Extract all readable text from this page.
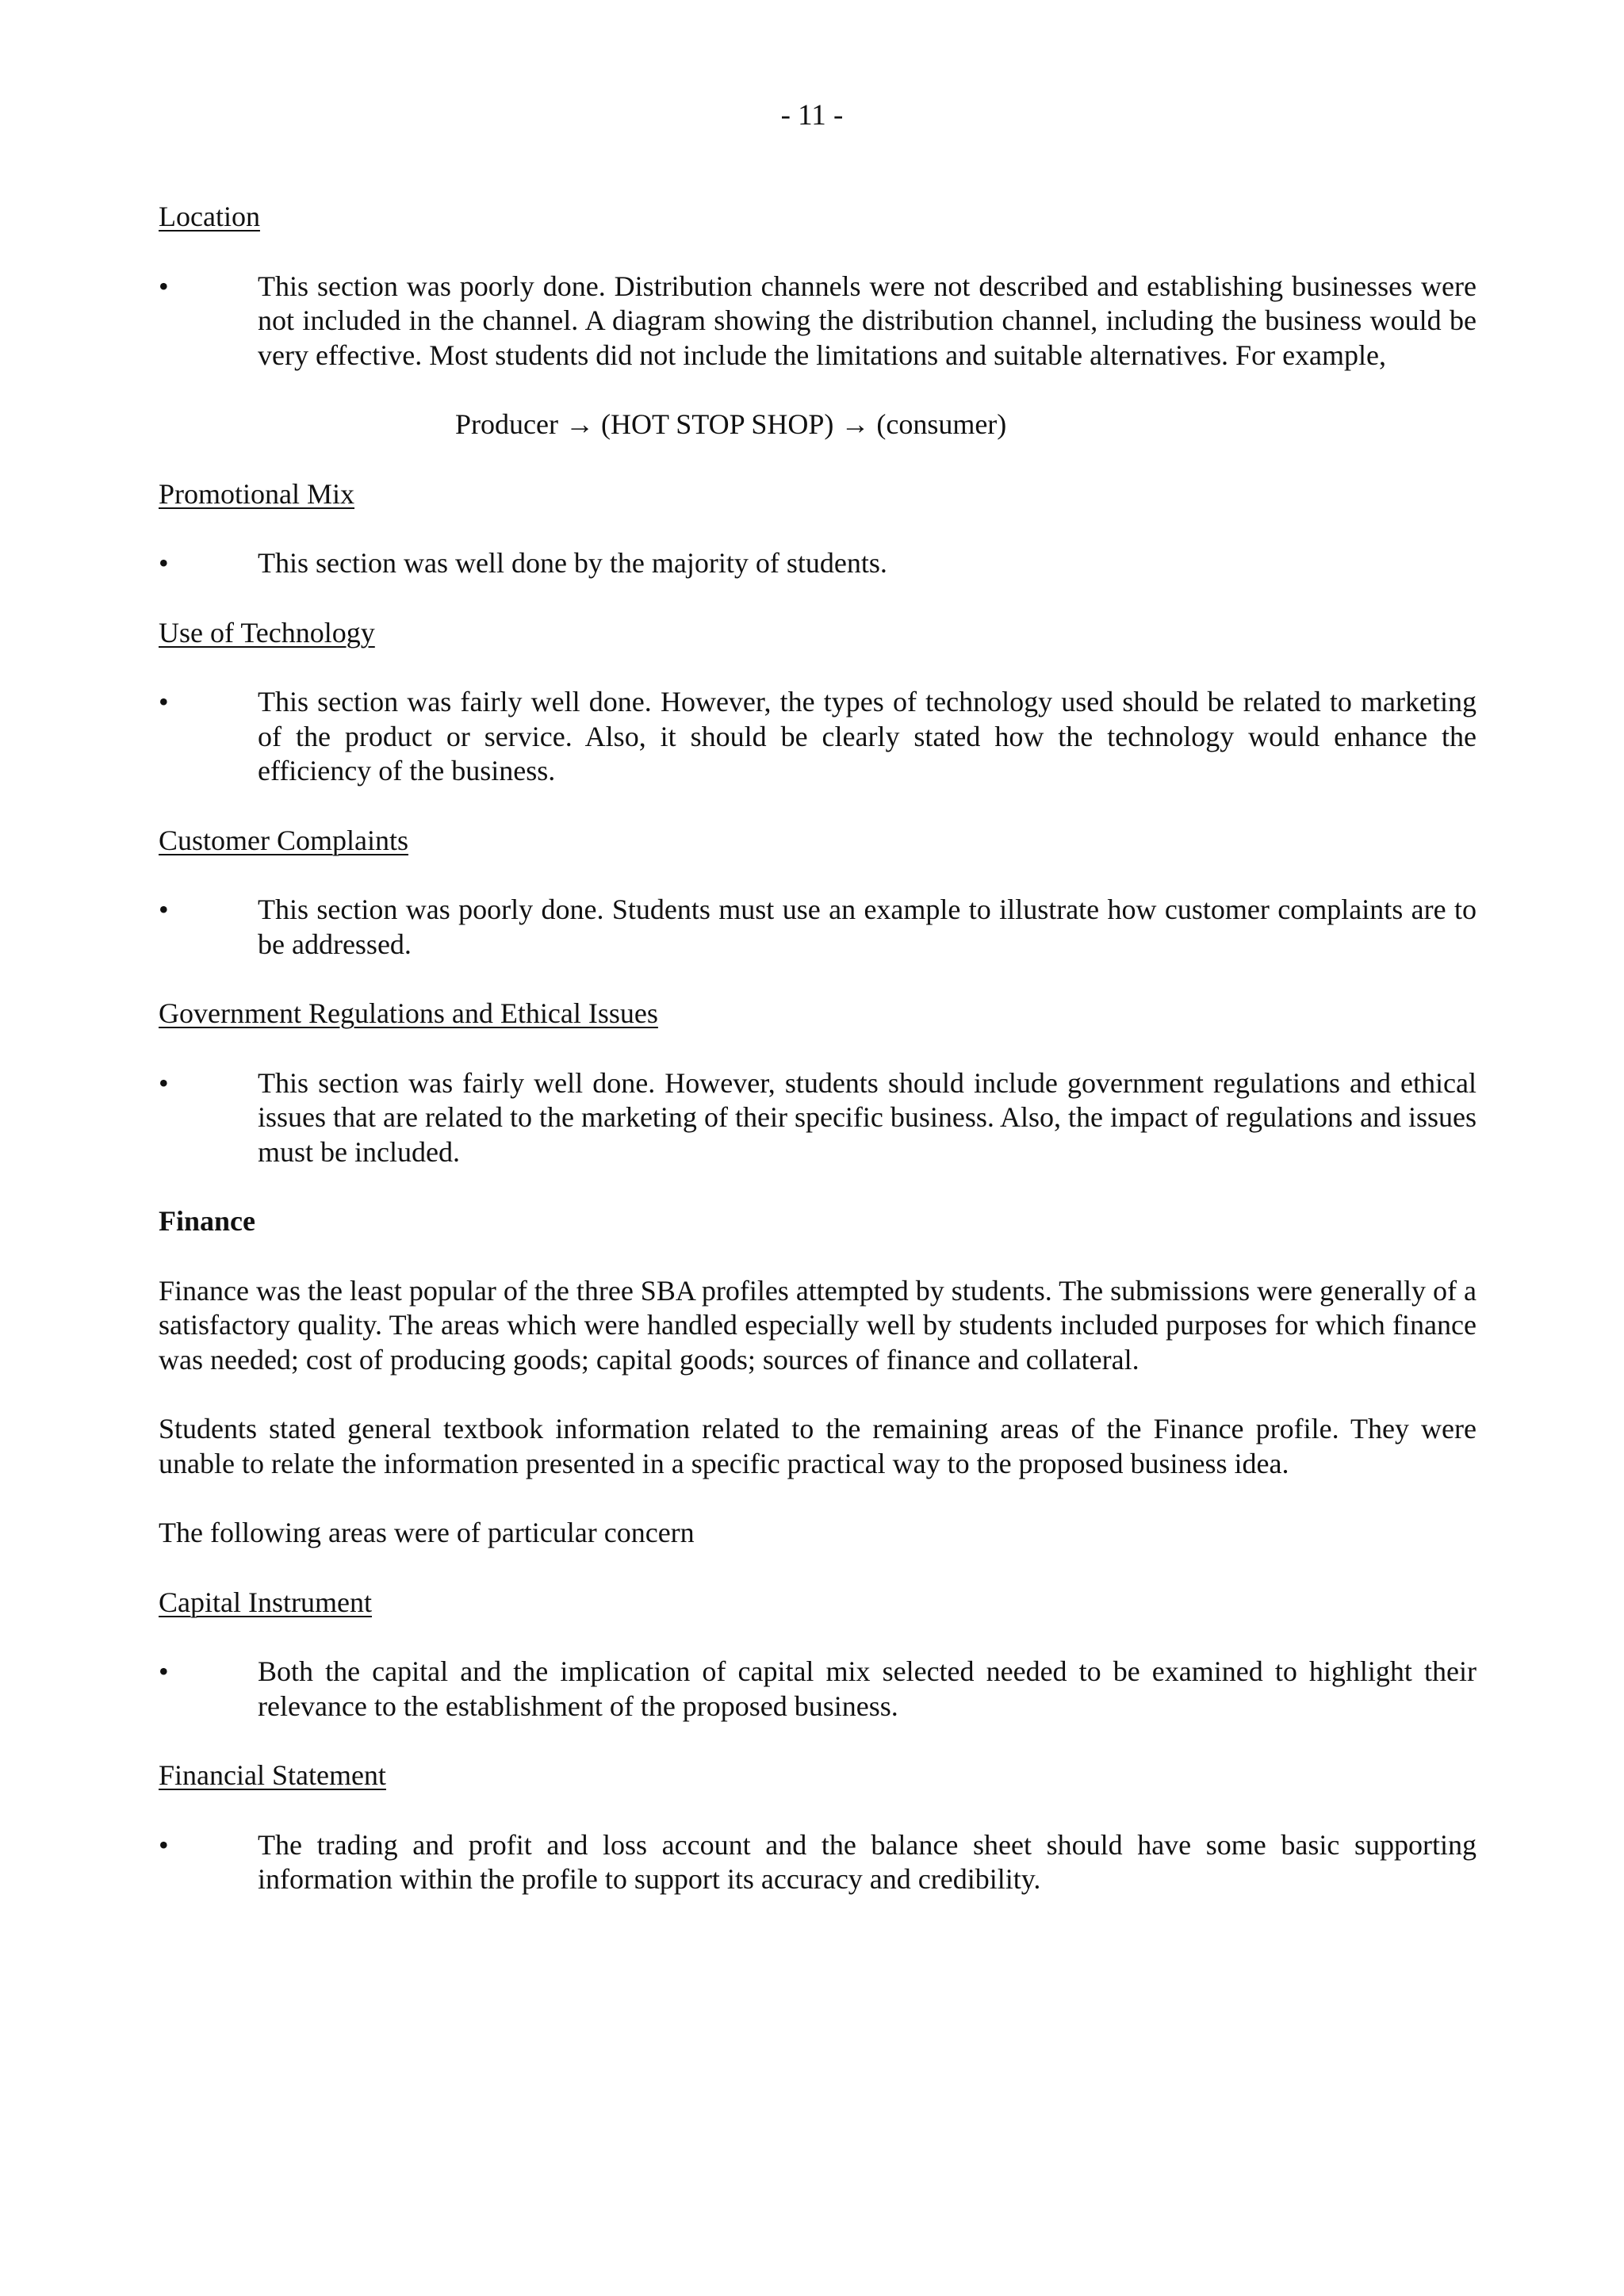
- 11 -
Location
•	This section was poorly done. Distribution channels were not described and establishing businesses were not included in the channel. A diagram showing the distribution channel, including the business would be very effective. Most students did not include the limitations and suitable alternatives. For example,
Producer → (HOT STOP SHOP) → (consumer)
Promotional Mix
•	This section was well done by the majority of students.
Use of Technology
•	This section was fairly well done. However, the types of technology used should be related to marketing of the product or service. Also, it should be clearly stated how the technology would enhance the efficiency of the business.
Customer Complaints
•	This section was poorly done. Students must use an example to illustrate how customer complaints are to be addressed.
Government Regulations and Ethical Issues
•	This section was fairly well done. However, students should include government regulations and ethical issues that are related to the marketing of their specific business. Also, the impact of regulations and issues must be included.
Finance
Finance was the least popular of the three SBA profiles attempted by students. The submissions were generally of a satisfactory quality. The areas which were handled especially well by students included purposes for which finance was needed; cost of producing goods; capital goods; sources of finance and collateral.
Students stated general textbook information related to the remaining areas of the Finance profile. They were unable to relate the information presented in a specific practical way to the proposed business idea.
The following areas were of particular concern
Capital Instrument
•	Both the capital and the implication of capital mix selected needed to be examined to highlight their relevance to the establishment of the proposed business.
Financial Statement
•	The trading and profit and loss account and the balance sheet should have some basic supporting information within the profile to support its accuracy and credibility.
